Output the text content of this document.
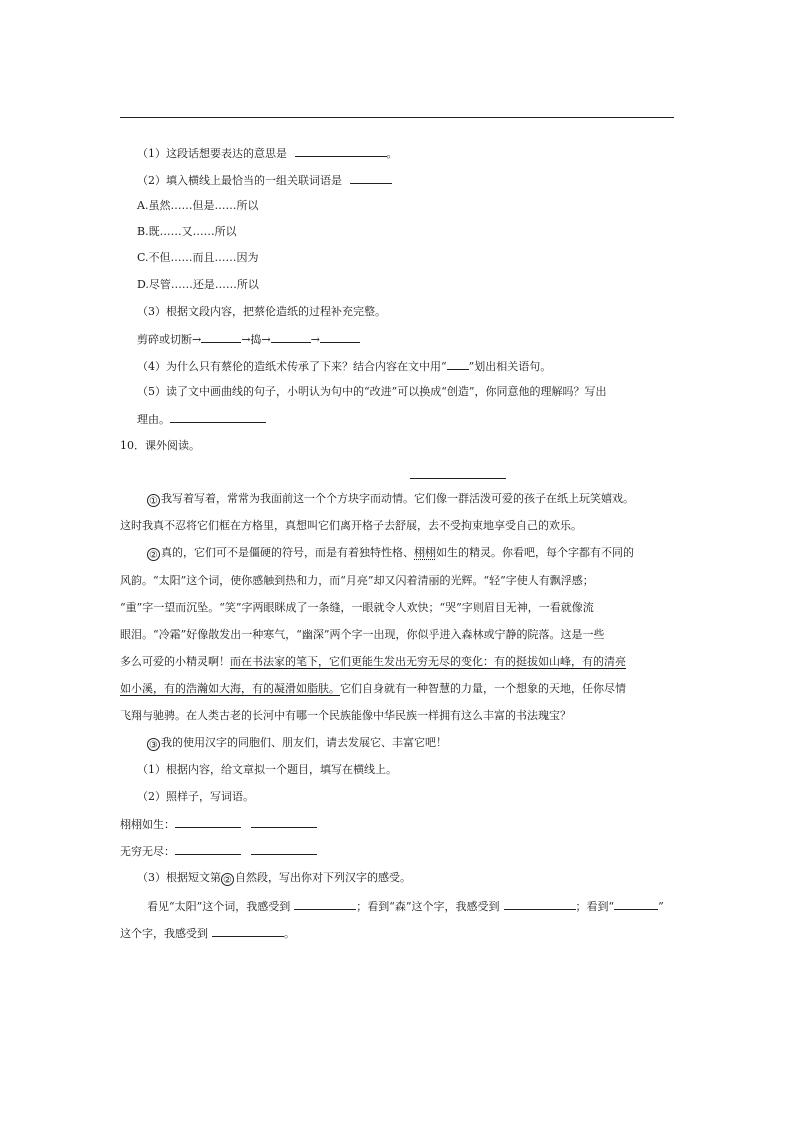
（1）这段话想要表达的意思是	。
（2）填入横线上最恰当的一组关联词语是
A.虽然……但是……所以
B.既……又……所以
C.不但……而且……因为
D.尽管……还是……所以
（3）根据文段内容，把蔡伦造纸的过程补充完整。
剪碎或切断→	→捣→	→
（4）为什么只有蔡伦的造纸术传承了下来？结合内容在文中用“ ”划出相关语句。
（5）读了文中画曲线的句子，小明认为句中的“改进”可以换成“创造”，你同意他的理解吗？写出
理由。
10．课外阅读。
① 我写着写着，常常为我面前这一个个方块字而动情。它们像一群活泼可爱的孩子在纸上玩笑嬉戏。
这时我真不忍将它们框在方格里，真想叫它们离开格子去舒展，去不受拘束地享受自己的欢乐。
② 真的，它们可不是僵硬的符号，而是有着独特性格、栩栩如生的精灵。你看吧，每个字都有不同的
风韵。“太阳”这个词，使你感触到热和力，而“月亮”却又闪着清丽的光辉。“轻”字使人有飘浮感；
“重”字一望而沉坠。“笑”字两眼眯成了一条缝，一眼就令人欢快；“哭”字则眉目无神，一看就像流
眼泪。“冷霜”好像散发出一种寒气，“幽深”两个字一出现，你似乎进入森林或宁静的院落。这是一些
多么可爱的小精灵啊！而在书法家的笔下，它们更能生发出无穷无尽的变化：有的挺拔如山峰，有的清亮
如小溪，有的浩瀚如大海，有的凝滑如脂肤。它们自身就有一种智慧的力量，一个想象的天地，任你尽情
飞翔与驰骋。在人类古老的长河中有哪一个民族能像中华民族一样拥有这么丰富的书法瑰宝？
③ 我的使用汉字的同胞们、朋友们，请去发展它、丰富它吧！
（1）根据内容，给文章拟一个题目，填写在横线上。
（2）照样子，写词语。
栩栩如生：
无穷无尽：
（3）根据短文第 ② 自然段，写出你对下列汉字的感受。
看见“太阳”这个词，我感受到	；看到“森”这个字，我感受到	；看到“	”
这个字，我感受到	。
